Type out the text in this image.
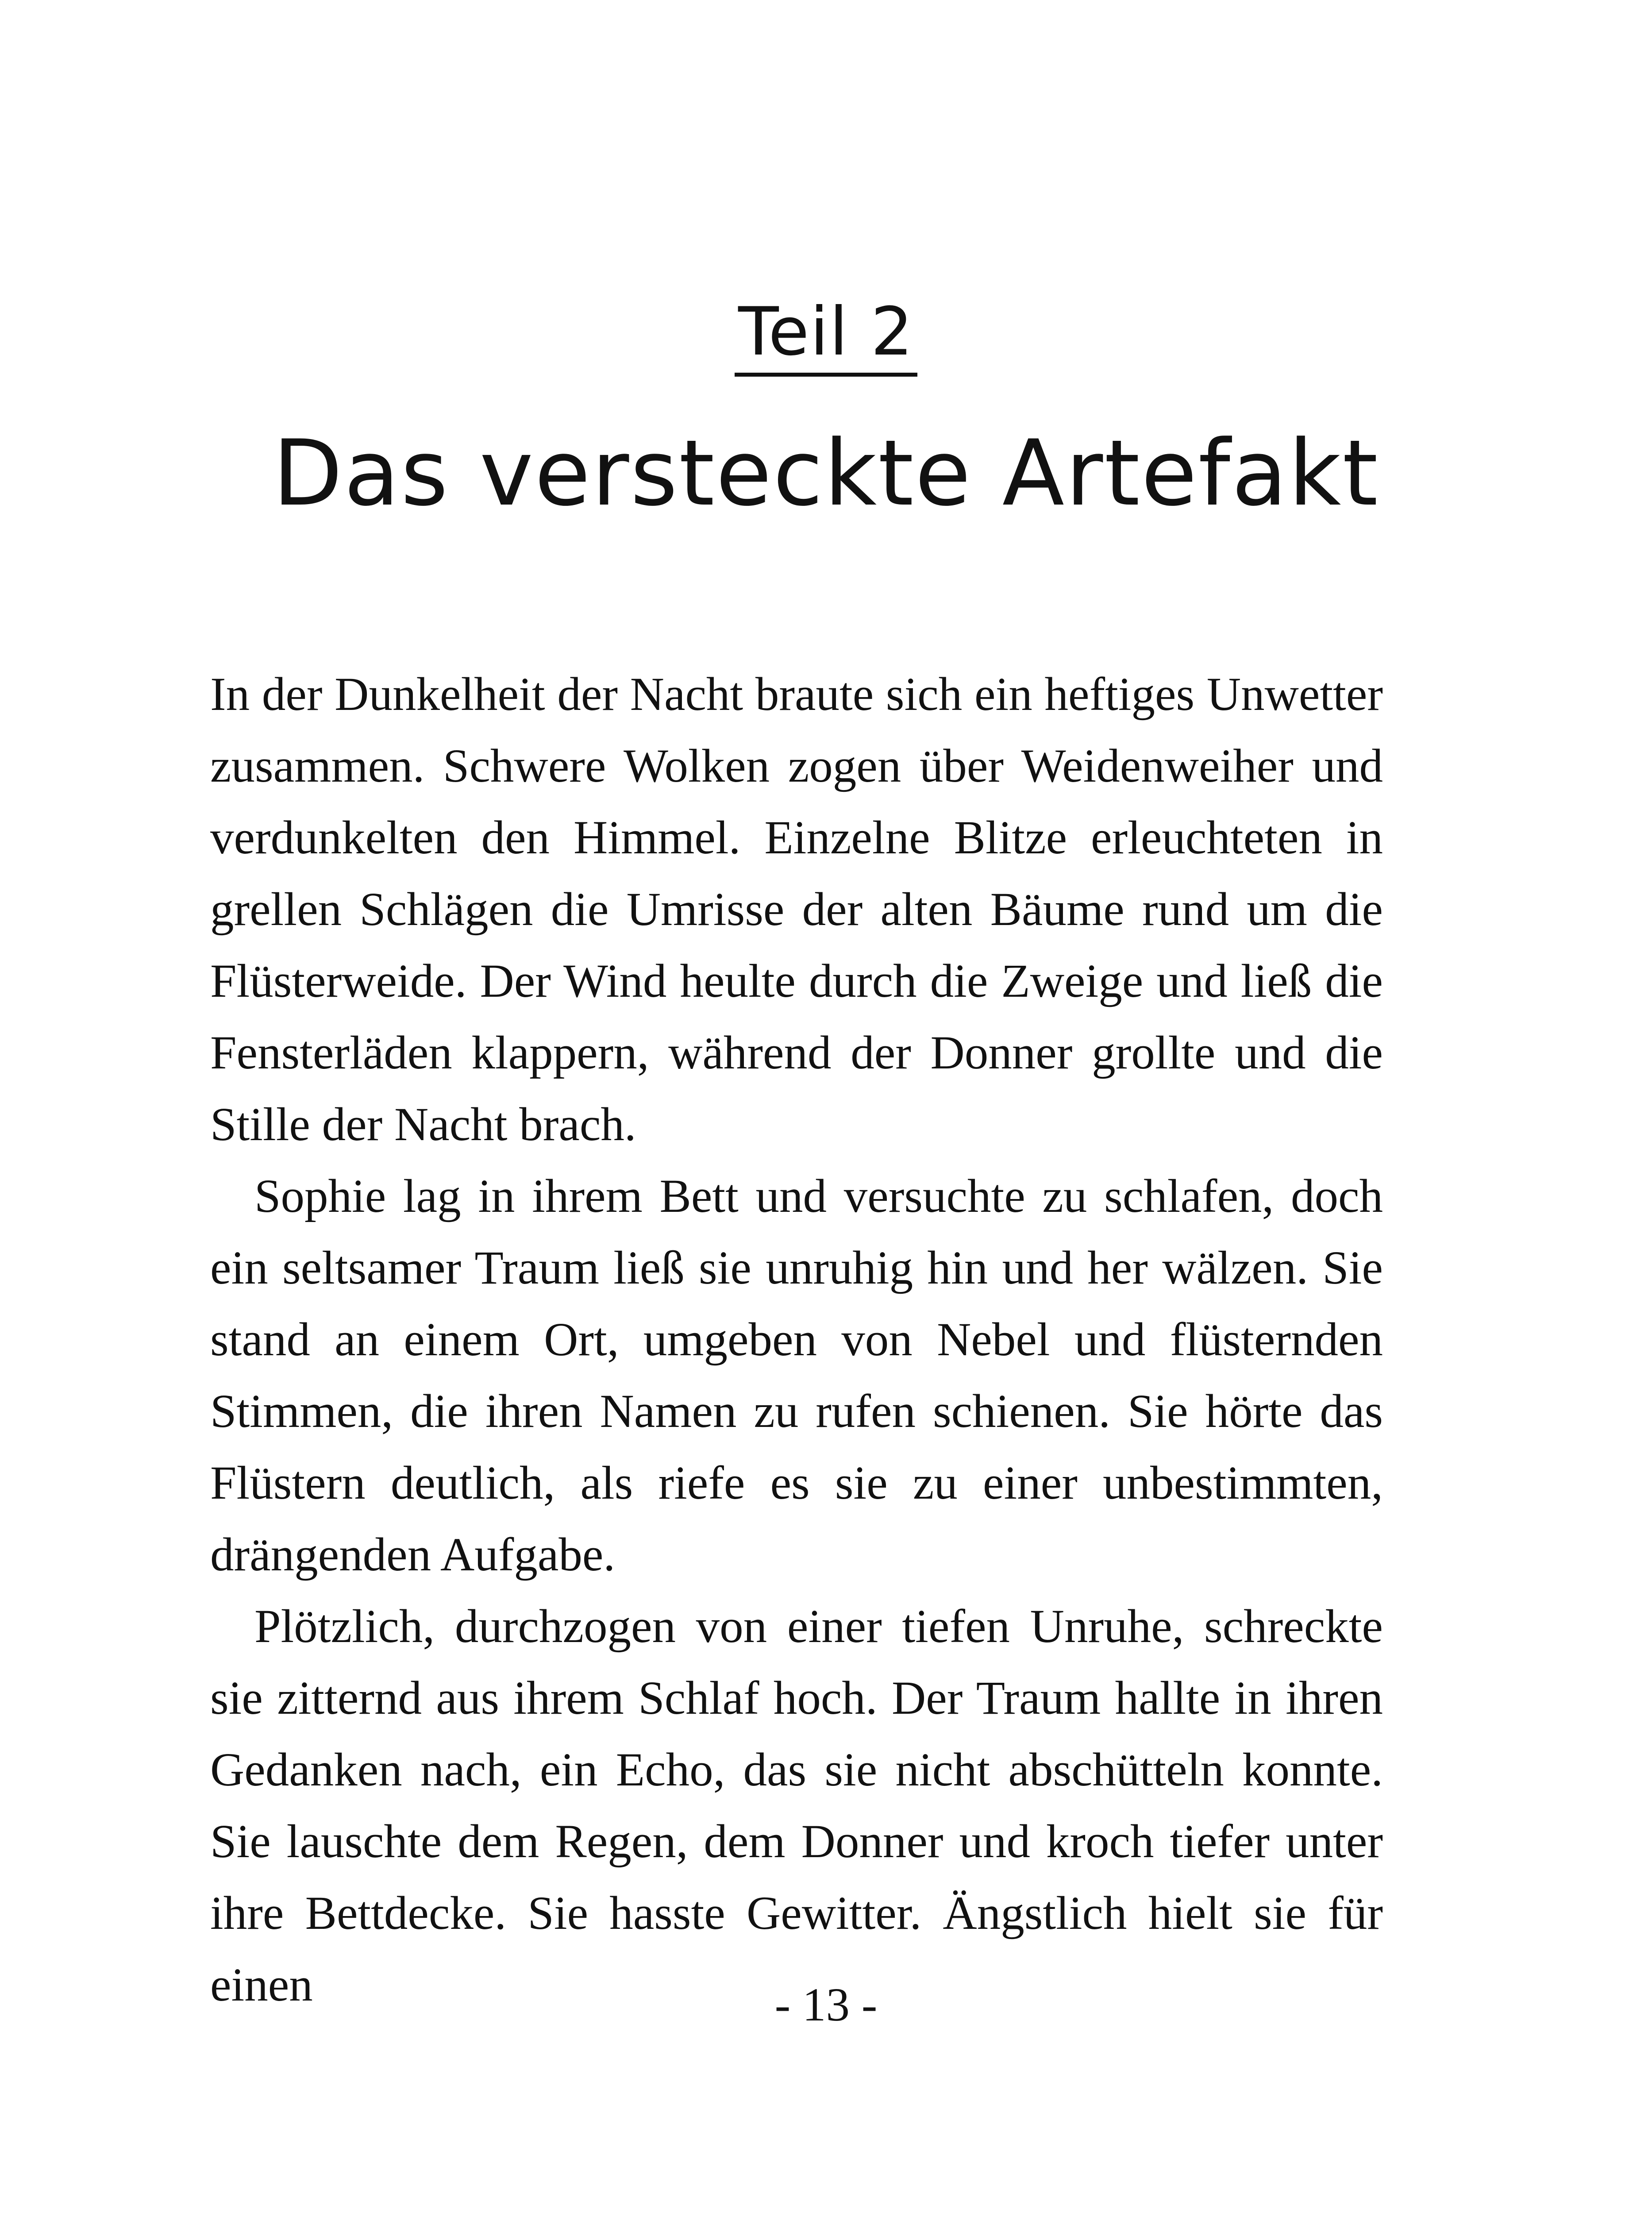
Teil 2
Das versteckte Artefakt

In der Dunkelheit der Nacht braute sich ein heftiges Unwetter zusammen. Schwere Wolken zogen über Weidenweiher und verdunkelten den Himmel. Einzelne Blitze erleuchteten in grellen Schlägen die Umrisse der alten Bäume rund um die Flüsterweide. Der Wind heulte durch die Zweige und ließ die Fensterläden klappern, während der Donner grollte und die Stille der Nacht brach.

Sophie lag in ihrem Bett und versuchte zu schlafen, doch ein seltsamer Traum ließ sie unruhig hin und her wälzen. Sie stand an einem Ort, umgeben von Nebel und flüsternden Stimmen, die ihren Namen zu rufen schienen. Sie hörte das Flüstern deutlich, als riefe es sie zu einer unbestimmten, drängenden Aufgabe.

Plötzlich, durchzogen von einer tiefen Unruhe, schreckte sie zitternd aus ihrem Schlaf hoch. Der Traum hallte in ihren Gedanken nach, ein Echo, das sie nicht abschütteln konnte. Sie lauschte dem Regen, dem Donner und kroch tiefer unter ihre Bettdecke. Sie hasste Gewitter. Ängstlich hielt sie für einen	- 13 -
